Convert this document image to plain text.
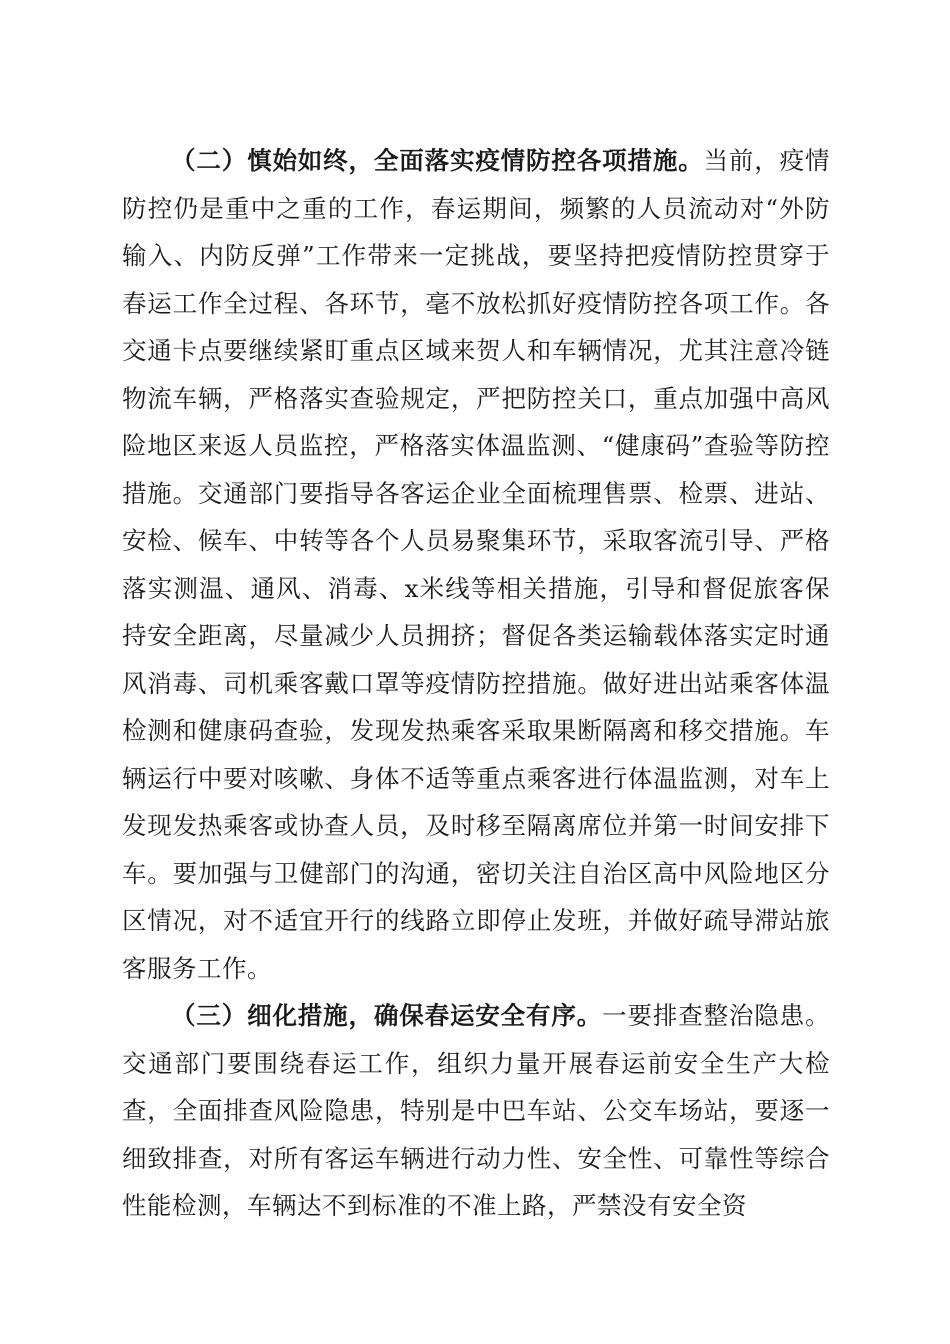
（二）慎始如终，全面落实疫情防控各项措施。当前，疫情防控仍是重中之重的工作，春运期间，频繁的人员流动对“外防输入、内防反弹”工作带来一定挑战，要坚持把疫情防控贯穿于春运工作全过程、各环节，毫不放松抓好疫情防控各项工作。各交通卡点要继续紧盯重点区域来贺人和车辆情况，尤其注意冷链物流车辆，严格落实查验规定，严把防控关口，重点加强中高风险地区来返人员监控，严格落实体温监测、“健康码”查验等防控措施。交通部门要指导各客运企业全面梳理售票、检票、进站、安检、候车、中转等各个人员易聚集环节，采取客流引导、严格落实测温、通风、消毒、x米线等相关措施，引导和督促旅客保持安全距离，尽量减少人员拥挤；督促各类运输载体落实定时通风消毒、司机乘客戴口罩等疫情防控措施。做好进出站乘客体温检测和健康码查验，发现发热乘客采取果断隔离和移交措施。车辆运行中要对咳嗽、身体不适等重点乘客进行体温监测，对车上发现发热乘客或协查人员，及时移至隔离席位并第一时间安排下车。要加强与卫健部门的沟通，密切关注自治区高中风险地区分区情况，对不适宜开行的线路立即停止发班，并做好疏导滞站旅客服务工作。

（三）细化措施，确保春运安全有序。一要排查整治隐患。交通部门要围绕春运工作，组织力量开展春运前安全生产大检查，全面排查风险隐患，特别是中巴车站、公交车场站，要逐一细致排查，对所有客运车辆进行动力性、安全性、可靠性等综合性能检测，车辆达不到标准的不准上路，严禁没有安全资
